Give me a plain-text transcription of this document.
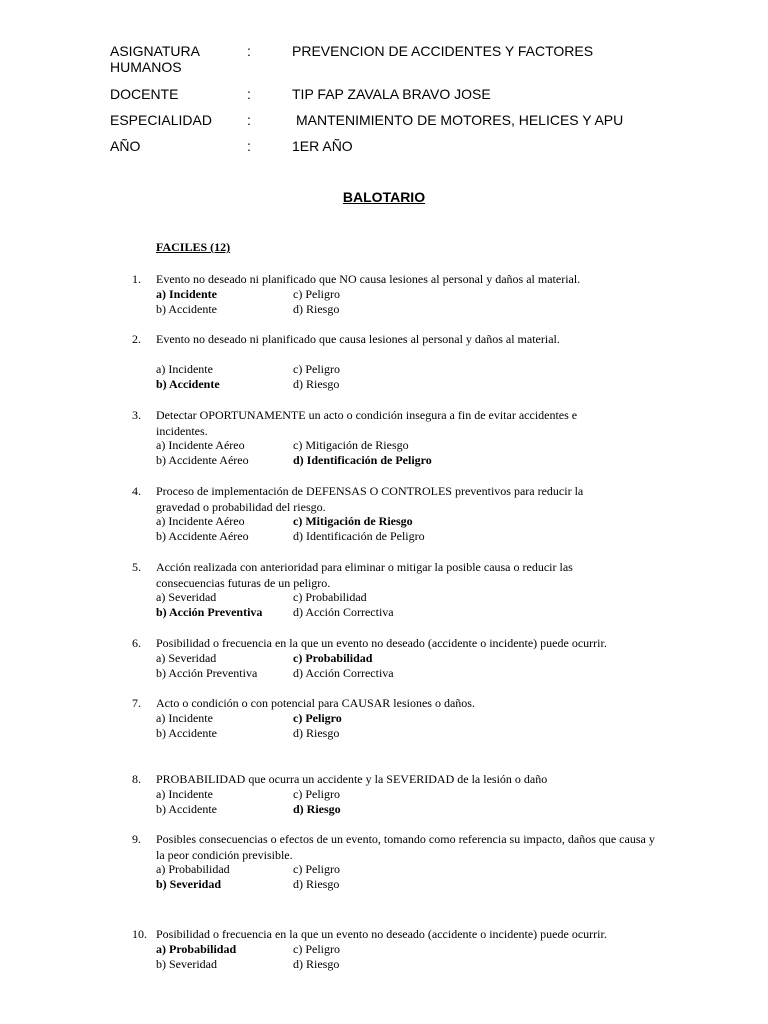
ASIGNATURA	:	PREVENCION DE ACCIDENTES Y FACTORES
HUMANOS
DOCENTE	:	TIP FAP ZAVALA BRAVO JOSE
ESPECIALIDAD	:	MANTENIMIENTO DE MOTORES, HELICES Y APU
AÑO	:	1ER AÑO
BALOTARIO
FACILES (12)
1.	Evento no deseado ni planificado que NO causa lesiones al personal y daños al material.
a) Incidente	c) Peligro
b) Accidente	d) Riesgo
2.	Evento no deseado ni planificado que causa lesiones al personal y daños al material.
a) Incidente	c) Peligro
b) Accidente	d) Riesgo
3.	Detectar OPORTUNAMENTE un acto o condición insegura a fin de evitar accidentes e incidentes.
a) Incidente Aéreo	c) Mitigación de Riesgo
b) Accidente Aéreo	d) Identificación de Peligro
4.	Proceso de implementación de DEFENSAS O CONTROLES preventivos para reducir la gravedad o probabilidad del riesgo.
a) Incidente Aéreo	c) Mitigación de Riesgo
b) Accidente Aéreo	d) Identificación de Peligro
5.	Acción realizada con anterioridad para eliminar o mitigar la posible causa o reducir las consecuencias futuras de un peligro.
a) Severidad	c) Probabilidad
b) Acción Preventiva	d) Acción Correctiva
6.	Posibilidad o frecuencia en la que un evento no deseado (accidente o incidente) puede ocurrir.
a) Severidad	c) Probabilidad
b) Acción Preventiva	d) Acción Correctiva
7.	Acto o condición o con potencial para CAUSAR lesiones o daños.
a) Incidente	c) Peligro
b) Accidente	d) Riesgo
8.	PROBABILIDAD que ocurra un accidente y la SEVERIDAD de la lesión o daño
a) Incidente	c) Peligro
b) Accidente	d) Riesgo
9.	Posibles consecuencias o efectos de un evento, tomando como referencia su impacto, daños que causa y la peor condición previsible.
a) Probabilidad	c) Peligro
b) Severidad	d) Riesgo
10. Posibilidad o frecuencia en la que un evento no deseado (accidente o incidente) puede ocurrir.
a) Probabilidad	c) Peligro
b) Severidad	d) Riesgo
